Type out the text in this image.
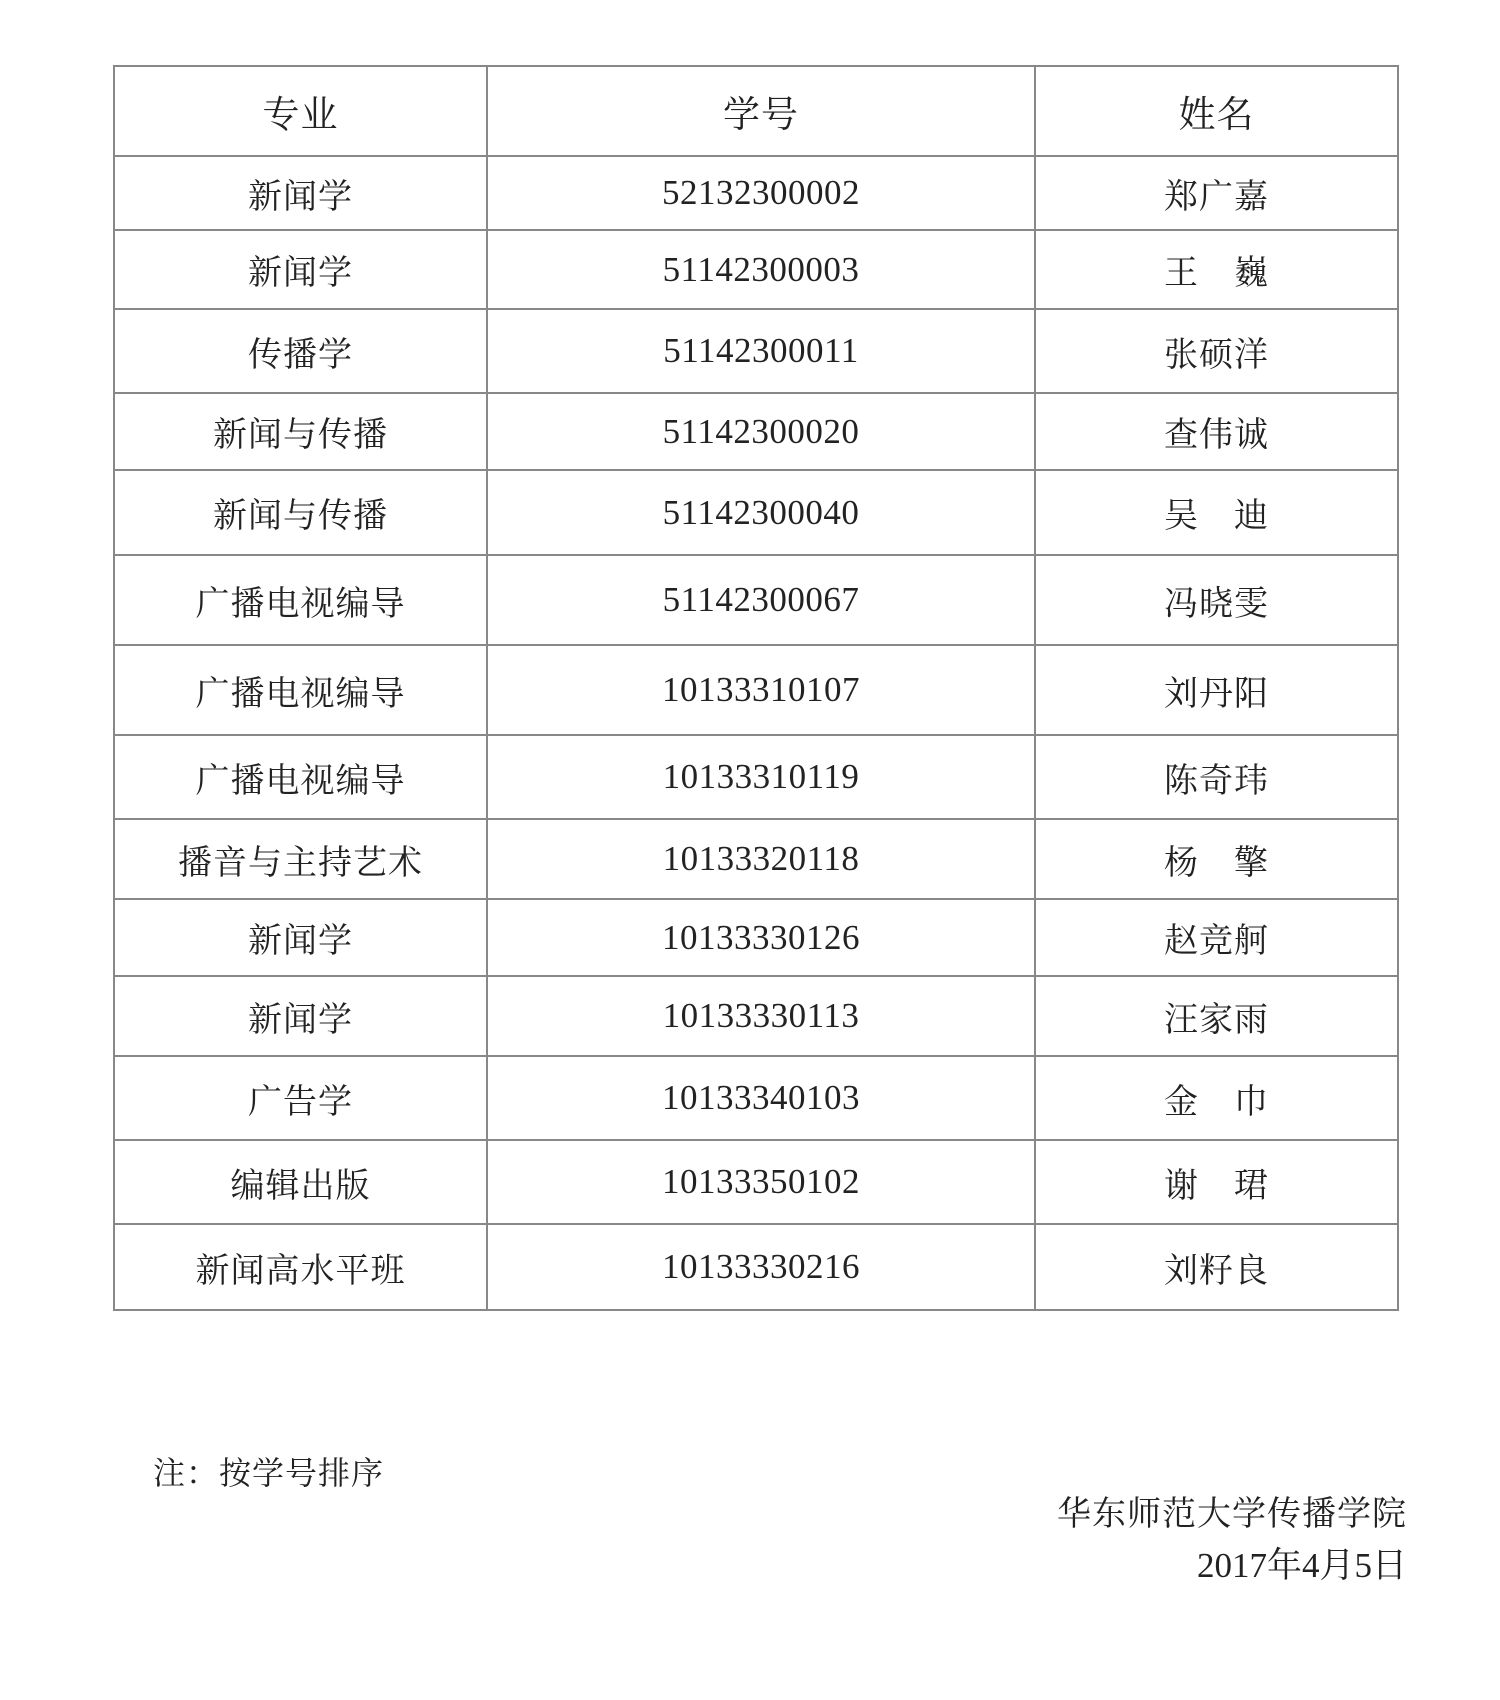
专业	学号	姓名
新闻学	52132300002	郑广嘉
新闻学	51142300003	王　巍
传播学	51142300011	张硕洋
新闻与传播	51142300020	查伟诚
新闻与传播	51142300040	吴　迪
广播电视编导	51142300067	冯晓雯
广播电视编导	10133310107	刘丹阳
广播电视编导	10133310119	陈奇玮
播音与主持艺术	10133320118	杨　擎
新闻学	10133330126	赵竞舸
新闻学	10133330113	汪家雨
广告学	10133340103	金　巾
编辑出版	10133350102	谢　珺
新闻高水平班	10133330216	刘籽良
注：按学号排序
华东师范大学传播学院
2017年4月5日
